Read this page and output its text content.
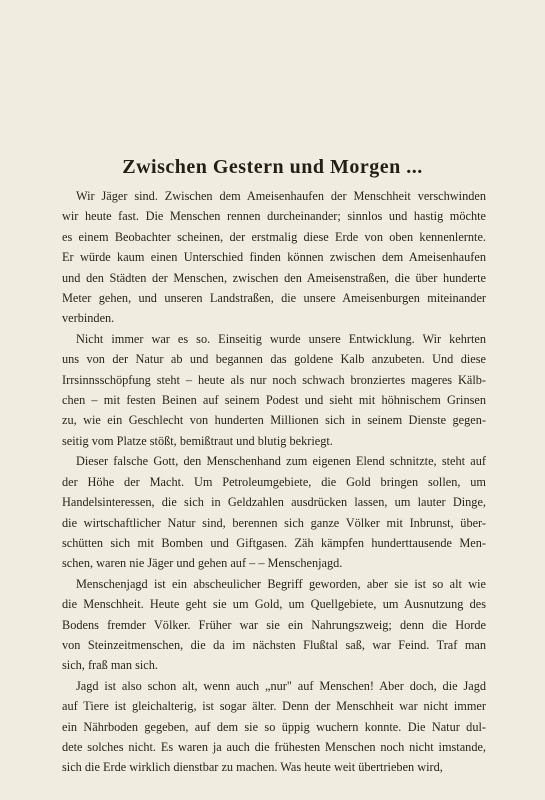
Zwischen Gestern und Morgen ...
Wir Jäger sind. Zwischen dem Ameisenhaufen der Menschheit verschwinden
wir heute fast. Die Menschen rennen durcheinander; sinnlos und hastig möchte
es einem Beobachter scheinen, der erstmalig diese Erde von oben kennenlernte.
Er würde kaum einen Unterschied finden können zwischen dem Ameisenhaufen
und den Städten der Menschen, zwischen den Ameisenstraßen, die über hunderte
Meter gehen, und unseren Landstraßen, die unsere Ameisenburgen miteinander
verbinden.
Nicht immer war es so. Einseitig wurde unsere Entwicklung. Wir kehrten
uns von der Natur ab und begannen das goldene Kalb anzubeten. Und diese
Irrsinnsschöpfung steht – heute als nur noch schwach bronziertes mageres Kälb-
chen – mit festen Beinen auf seinem Podest und sieht mit höhnischem Grinsen
zu, wie ein Geschlecht von hunderten Millionen sich in seinem Dienste gegen-
seitig vom Platze stößt, bemißtraut und blutig bekriegt.
Dieser falsche Gott, den Menschenhand zum eigenen Elend schnitzte, steht auf
der Höhe der Macht. Um Petroleumgebiete, die Gold bringen sollen, um
Handelsinteressen, die sich in Geldzahlen ausdrücken lassen, um lauter Dinge,
die wirtschaftlicher Natur sind, berennen sich ganze Völker mit Inbrunst, über-
schütten sich mit Bomben und Giftgasen. Zäh kämpfen hunderttausende Men-
schen, waren nie Jäger und gehen auf – – Menschenjagd.
Menschenjagd ist ein abscheulicher Begriff geworden, aber sie ist so alt wie
die Menschheit. Heute geht sie um Gold, um Quellgebiete, um Ausnutzung des
Bodens fremder Völker. Früher war sie ein Nahrungszweig; denn die Horde
von Steinzeitmenschen, die da im nächsten Flußtal saß, war Feind. Traf man
sich, fraß man sich.
Jagd ist also schon alt, wenn auch „nur" auf Menschen! Aber doch, die Jagd
auf Tiere ist gleichalterig, ist sogar älter. Denn der Menschheit war nicht immer
ein Nährboden gegeben, auf dem sie so üppig wuchern konnte. Die Natur dul-
dete solches nicht. Es waren ja auch die frühesten Menschen noch nicht imstande,
sich die Erde wirklich dienstbar zu machen. Was heute weit übertrieben wird,
